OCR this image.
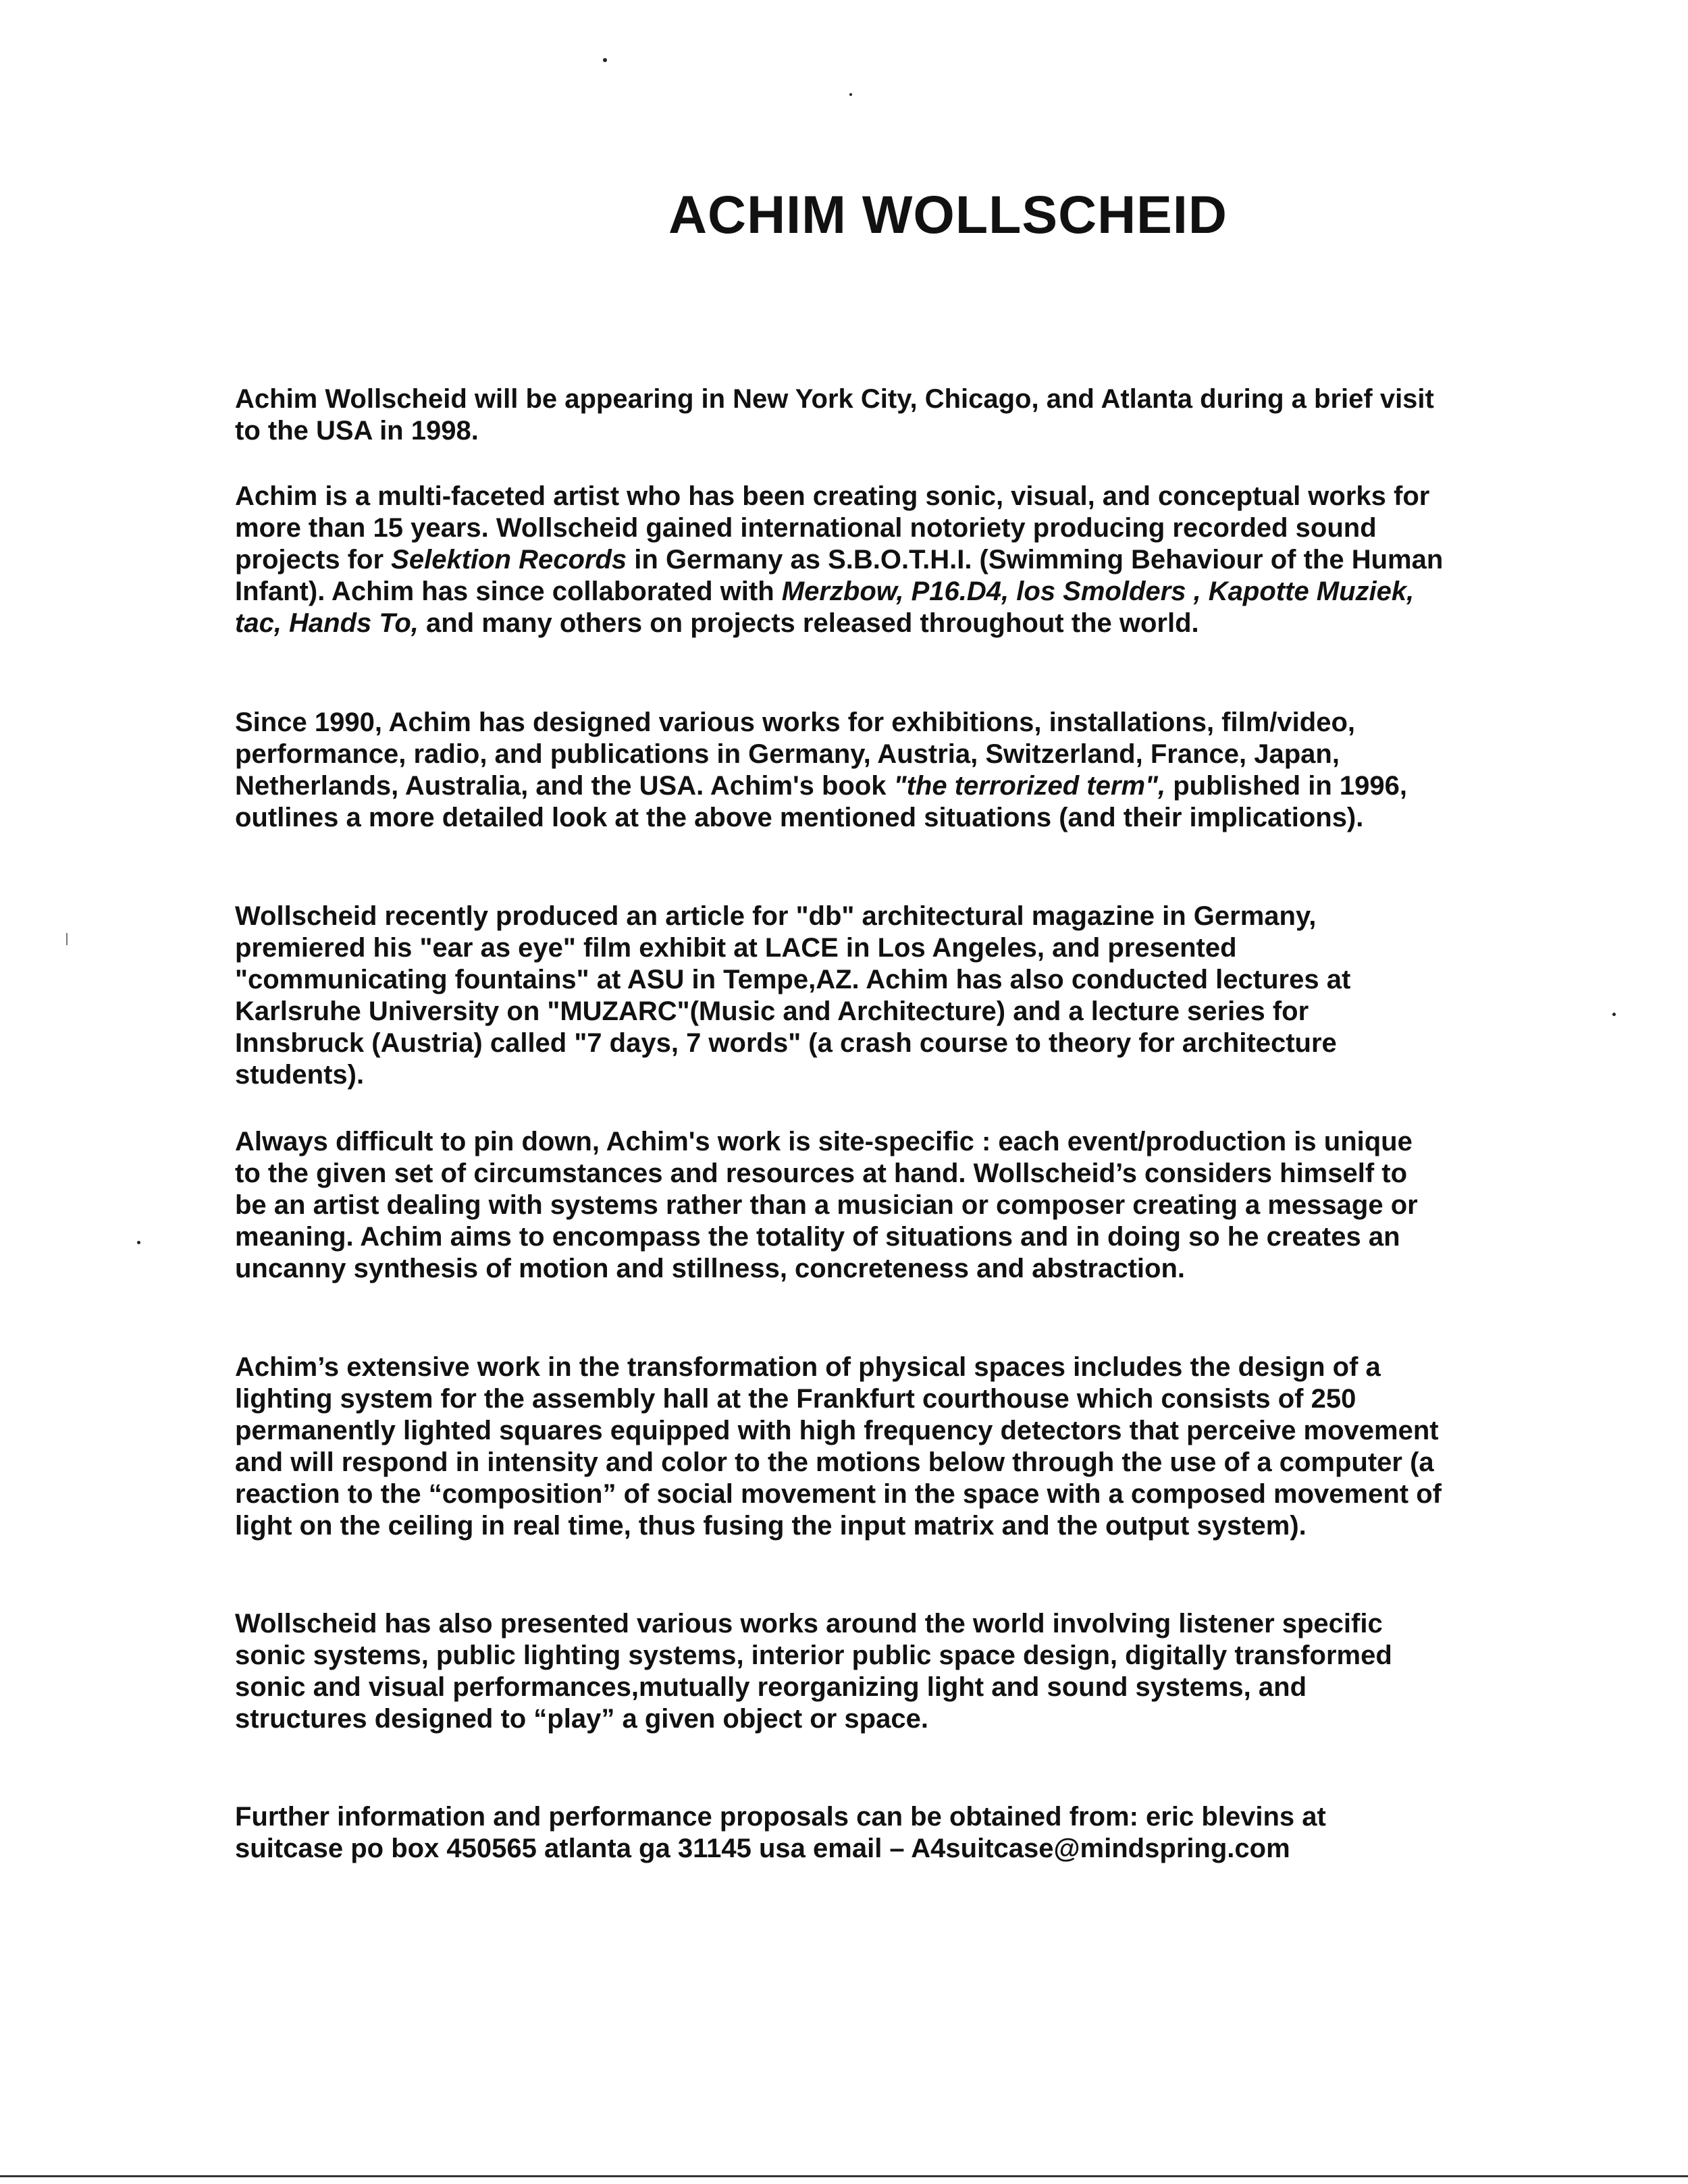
ACHIM WOLLSCHEID

Achim Wollscheid will be appearing in New York City, Chicago, and Atlanta during a brief visit to the USA in 1998.

Achim is a multi-faceted artist who has been creating sonic, visual, and conceptual works for more than 15 years. Wollscheid gained international notoriety producing recorded sound projects for Selektion Records in Germany as S.B.O.T.H.I. (Swimming Behaviour of the Human Infant). Achim has since collaborated with Merzbow, P16.D4, los Smolders , Kapotte Muziek, tac, Hands To, and many others on projects released throughout the world.

Since 1990, Achim has designed various works for exhibitions, installations, film/video, performance, radio, and publications in Germany, Austria, Switzerland, France, Japan, Netherlands, Australia, and the USA. Achim's book "the terrorized term", published in 1996, outlines a more detailed look at the above mentioned situations (and their implications).

Wollscheid recently produced an article for "db" architectural magazine in Germany, premiered his "ear as eye" film exhibit at LACE in Los Angeles, and presented "communicating fountains" at ASU in Tempe,AZ. Achim has also conducted lectures at Karlsruhe University on "MUZARC"(Music and Architecture) and a lecture series for Innsbruck (Austria) called "7 days, 7 words" (a crash course to theory for architecture students).

Always difficult to pin down, Achim's work is site-specific : each event/production is unique to the given set of circumstances and resources at hand. Wollscheid’s considers himself to be an artist dealing with systems rather than a musician or composer creating a message or meaning. Achim aims to encompass the totality of situations and in doing so he creates an uncanny synthesis of motion and stillness, concreteness and abstraction.

Achim’s extensive work in the transformation of physical spaces includes the design of a lighting system for the assembly hall at the Frankfurt courthouse which consists of 250 permanently lighted squares equipped with high frequency detectors that perceive movement and will respond in intensity and color to the motions below through the use of a computer (a reaction to the “composition” of social movement in the space with a composed movement of light on the ceiling in real time, thus fusing the input matrix and the output system).

Wollscheid has also presented various works around the world involving listener specific sonic systems, public lighting systems, interior public space design, digitally transformed sonic and visual performances,mutually reorganizing light and sound systems, and structures designed to “play” a given object or space.

Further information and performance proposals can be obtained from: eric blevins at

suitcase po box 450565 atlanta ga 31145 usa email – A4suitcase@mindspring.com
